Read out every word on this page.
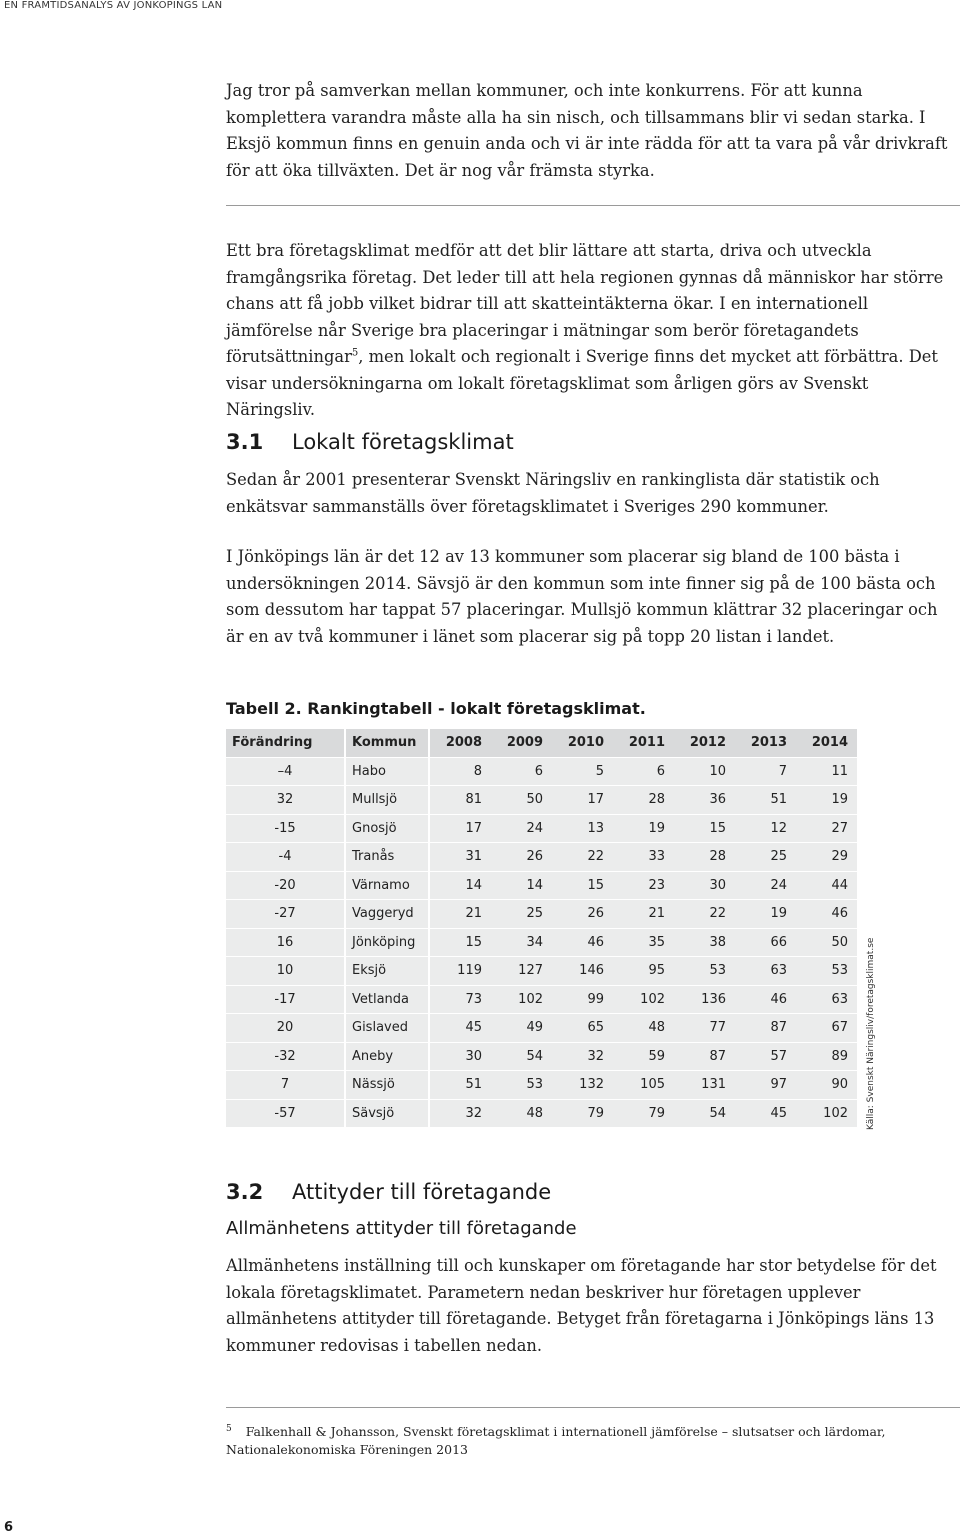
EN FRAMTIDSANALYS AV JÖNKÖPINGS LÄN

Jag tror på samverkan mellan kommuner, och inte konkurrens. För att kunna komplettera varandra måste alla ha sin nisch, och tillsammans blir vi sedan starka. I Eksjö kommun finns en genuin anda och vi är inte rädda för att ta vara på vår drivkraft för att öka tillväxten. Det är nog vår främsta styrka.

Ett bra företagsklimat medför att det blir lättare att starta, driva och utveckla framgångsrika företag. Det leder till att hela regionen gynnas då människor har större chans att få jobb vilket bidrar till att skatteintäkterna ökar. I en internationell jämförelse når Sverige bra placeringar i mätningar som berör företagandets förutsättningar$^5$, men lokalt och regionalt i Sverige finns det mycket att förbättra. Det visar undersökningarna om lokalt företagsklimat som årligen görs av Svenskt Näringsliv.

3.1 Lokalt företagsklimat

Sedan år 2001 presenterar Svenskt Näringsliv en rankinglista där statistik och enkätsvar sammanställs över företagsklimatet i Sveriges 290 kommuner.

I Jönköpings län är det 12 av 13 kommuner som placerar sig bland de 100 bästa i undersökningen 2014. Sävsjö är den kommun som inte finner sig på de 100 bästa och som dessutom har tappat 57 placeringar. Mullsjö kommun klättrar 32 placeringar och är en av två kommuner i länet som placerar sig på topp 20 listan i landet.

Tabell 2. Rankingtabell - lokalt företagsklimat.
Förändring	Kommun	2008	2009	2010	2011	2012	2013	2014
–4	Habo	8	6	5	6	10	7	11
32	Mullsjö	81	50	17	28	36	51	19
-15	Gnosjö	17	24	13	19	15	12	27
-4	Tranås	31	26	22	33	28	25	29
-20	Värnamo	14	14	15	23	30	24	44
-27	Vaggeryd	21	25	26	21	22	19	46
16	Jönköping	15	34	46	35	38	66	50
10	Eksjö	119	127	146	95	53	63	53
-17	Vetlanda	73	102	99	102	136	46	63
20	Gislaved	45	49	65	48	77	87	67
-32	Aneby	30	54	32	59	87	57	89
7	Nässjö	51	53	132	105	131	97	90
-57	Sävsjö	32	48	79	79	54	45	102 Källa: Svenskt Näringsliv/foretagsklimat.se
3.2 Attityder till företagande
Allmänhetens attityder till företagande

Allmänhetens inställning till och kunskaper om företagande har stor betydelse för det lokala företagsklimatet. Parametern nedan beskriver hur företagen upplever allmänhetens attityder till företagande. Betyget från företagarna i Jönköpings läns 13 kommuner redovisas i tabellen nedan.

$^5$ Falkenhall & Johansson, Svenskt företagsklimat i internationell jämförelse – slutsatser och lärdomar, Nationalekonomiska Föreningen 2013

6
